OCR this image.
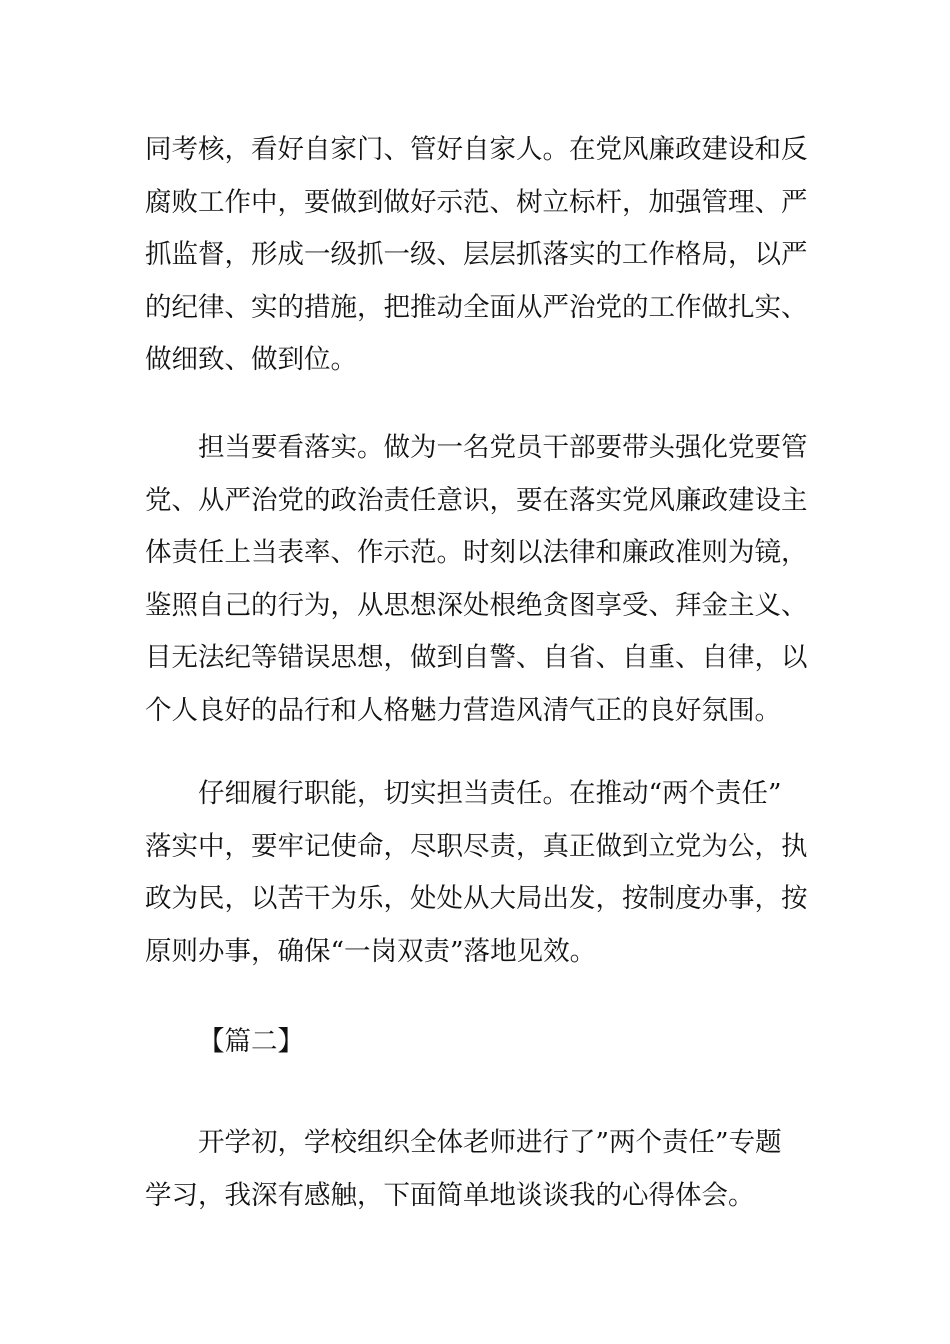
同考核，看好自家门、管好自家人。在党风廉政建设和反
腐败工作中，要做到做好示范、树立标杆，加强管理、严
抓监督，形成一级抓一级、层层抓落实的工作格局，以严
的纪律、实的措施，把推动全面从严治党的工作做扎实、
做细致、做到位。

担当要看落实。做为一名党员干部要带头强化党要管
党、从严治党的政治责任意识，要在落实党风廉政建设主
体责任上当表率、作示范。时刻以法律和廉政准则为镜，
鉴照自己的行为，从思想深处根绝贪图享受、拜金主义、
目无法纪等错误思想，做到自警、自省、自重、自律，以
个人良好的品行和人格魅力营造风清气正的良好氛围。

仔细履行职能，切实担当责任。在推动“两个责任”
落实中，要牢记使命，尽职尽责，真正做到立党为公，执
政为民，以苦干为乐，处处从大局出发，按制度办事，按
原则办事，确保“一岗双责”落地见效。

【篇二】

开学初，学校组织全体老师进行了”两个责任”专题
学习，我深有感触，下面简单地谈谈我的心得体会。
